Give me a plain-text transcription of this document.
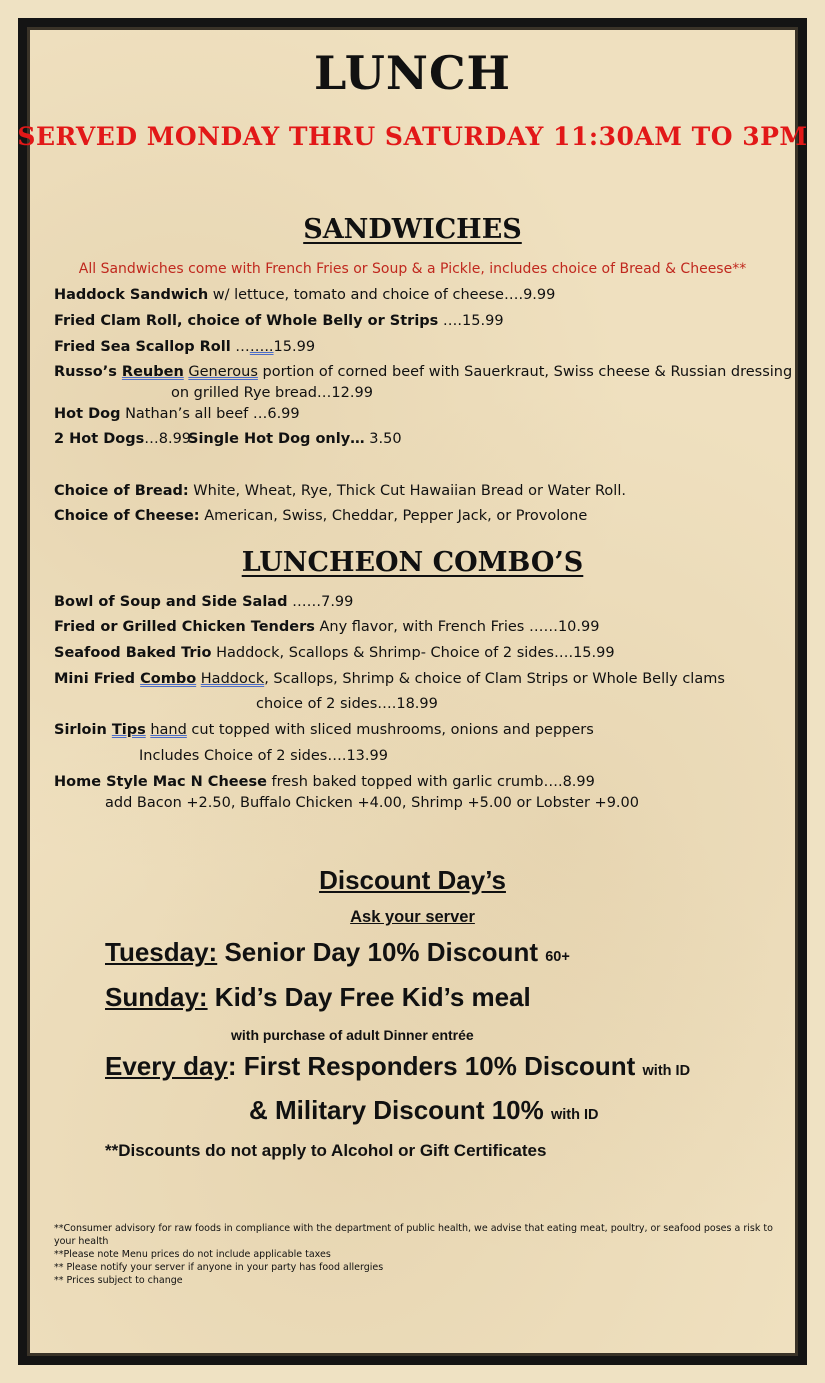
LUNCH
SERVED MONDAY THRU SATURDAY 11:30AM TO 3PM
SANDWICHES
All Sandwiches come with French Fries or Soup & a Pickle, includes choice of Bread & Cheese**
Haddock Sandwich w/ lettuce, tomato and choice of cheese….9.99
Fried Clam Roll, choice of Whole Belly or Strips ….15.99
Fried Sea Scallop Roll ……..15.99
Russo’s Reuben Generous portion of corned beef with Sauerkraut, Swiss cheese & Russian dressing
on grilled Rye bread…12.99
Hot Dog Nathan’s all beef …6.99
2 Hot Dogs…8.99
Single Hot Dog only… 3.50
Choice of Bread: White, Wheat, Rye, Thick Cut Hawaiian Bread or Water Roll.
Choice of Cheese: American, Swiss, Cheddar, Pepper Jack, or Provolone
LUNCHEON COMBO’S
Bowl of Soup and Side Salad ……7.99
Fried or Grilled Chicken Tenders Any flavor, with French Fries ……10.99
Seafood Baked Trio Haddock, Scallops & Shrimp- Choice of 2 sides….15.99
Mini Fried Combo Haddock, Scallops, Shrimp & choice of Clam Strips or Whole Belly clams
choice of 2 sides….18.99
Sirloin Tips hand cut topped with sliced mushrooms, onions and peppers
Includes Choice of 2 sides….13.99
Home Style Mac N Cheese fresh baked topped with garlic crumb….8.99
add Bacon +2.50, Buffalo Chicken +4.00, Shrimp +5.00 or Lobster +9.00
Discount Day’s
Ask your server
Tuesday: Senior Day 10% Discount 60+
Sunday: Kid’s Day Free Kid’s meal
with purchase of adult Dinner entrée
Every day: First Responders 10% Discount with ID
& Military Discount 10% with ID
**Discounts do not apply to Alcohol or Gift Certificates
**Consumer advisory for raw foods in compliance with the department of public health, we advise that eating meat, poultry, or seafood poses a risk to your health
**Please note Menu prices do not include applicable taxes
** Please notify your server if anyone in your party has food allergies
** Prices subject to change
